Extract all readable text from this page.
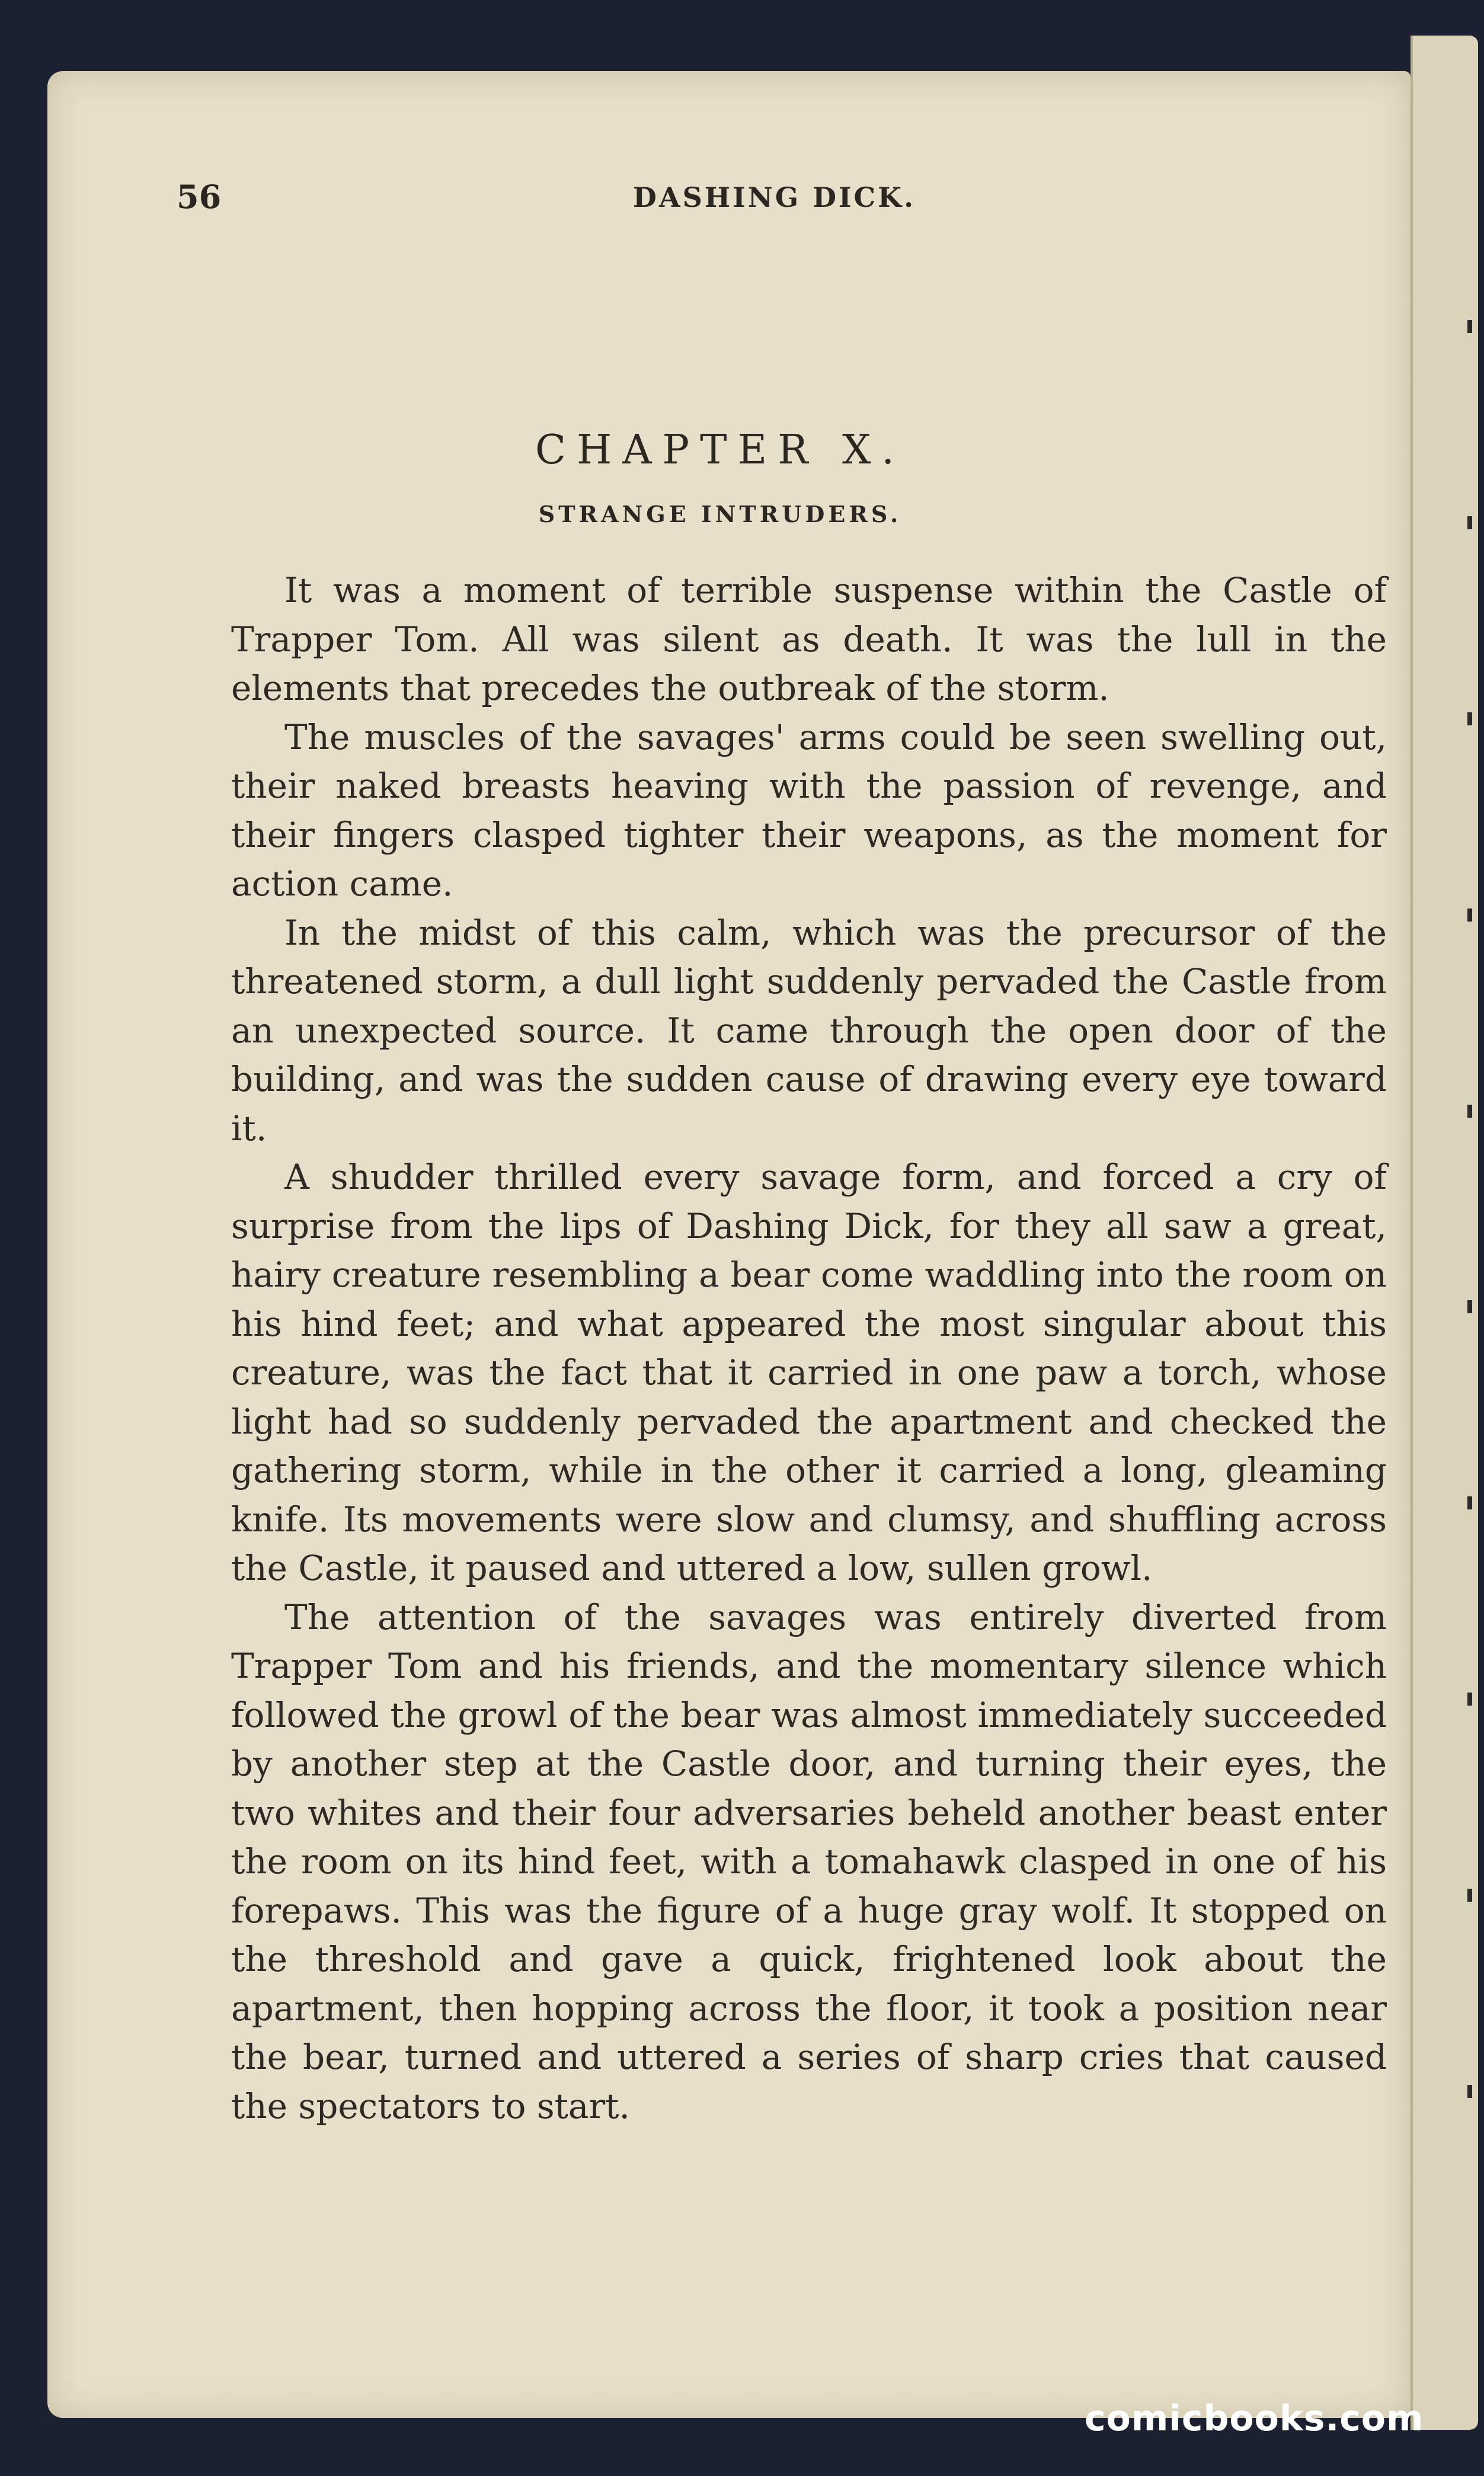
56	DASHING DICK.
CHAPTER X.
STRANGE INTRUDERS.

It was a moment of terrible suspense within the Castle of Trapper Tom. All was silent as death. It was the lull in the elements that precedes the outbreak of the storm.

The muscles of the savages' arms could be seen swelling out, their naked breasts heaving with the passion of revenge, and their fingers clasped tighter their weapons, as the moment for action came.

In the midst of this calm, which was the precursor of the threatened storm, a dull light suddenly pervaded the Castle from an unexpected source. It came through the open door of the building, and was the sudden cause of drawing every eye toward it.

A shudder thrilled every savage form, and forced a cry of surprise from the lips of Dashing Dick, for they all saw a great, hairy creature resembling a bear come waddling into the room on his hind feet; and what appeared the most singular about this creature, was the fact that it carried in one paw a torch, whose light had so suddenly pervaded the apartment and checked the gathering storm, while in the other it carried a long, gleaming knife. Its movements were slow and clumsy, and shuffling across the Castle, it paused and uttered a low, sullen growl.

The attention of the savages was entirely diverted from Trapper Tom and his friends, and the momentary silence which followed the growl of the bear was almost immediately succeeded by another step at the Castle door, and turning their eyes, the two whites and their four adversaries beheld another beast enter the room on its hind feet, with a tomahawk clasped in one of his forepaws. This was the figure of a huge gray wolf. It stopped on the threshold and gave a quick, frightened look about the apartment, then hopping across the floor, it took a position near the bear, turned and uttered a series of sharp cries that caused the spectators to start.

comicbooks.com
